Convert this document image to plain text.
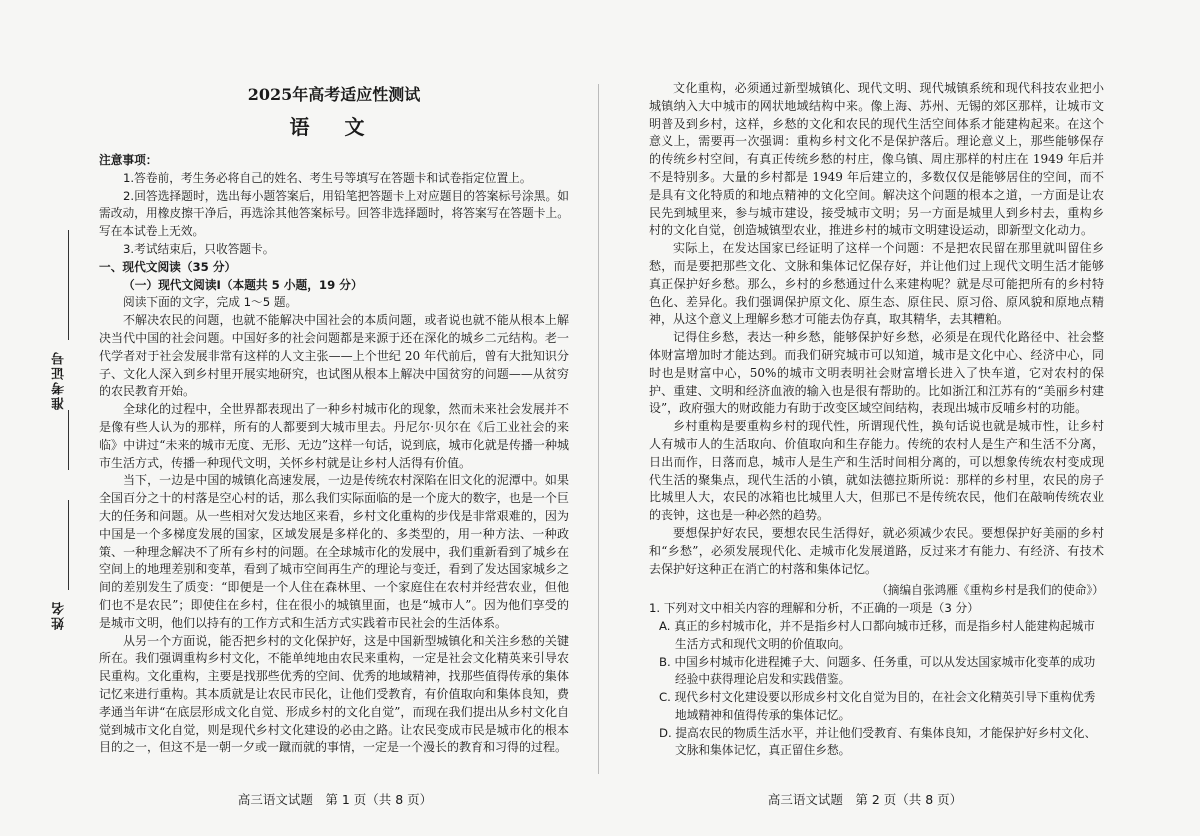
准考证号
姓名
2025年高考适应性测试
语 文
注意事项：

1.答卷前，考生务必将自己的姓名、考生号等填写在答题卡和试卷指定位置上。

2.回答选择题时，选出每小题答案后，用铅笔把答题卡上对应题目的答案标号涂黑。如需改动，用橡皮擦干净后，再选涂其他答案标号。回答非选择题时，将答案写在答题卡上。写在本试卷上无效。

3.考试结束后，只收答题卡。

一、现代文阅读（35 分）
（一）现代文阅读Ⅰ（本题共 5 小题，19 分）

阅读下面的文字，完成 1～5 题。

不解决农民的问题，也就不能解决中国社会的本质问题，或者说也就不能从根本上解决当代中国的社会问题。中国好多的社会问题都是来源于还在深化的城乡二元结构。老一代学者对于社会发展非常有这样的人文主张——上个世纪 20 年代前后，曾有大批知识分子、文化人深入到乡村里开展实地研究，也试图从根本上解决中国贫穷的问题——从贫穷的农民教育开始。

全球化的过程中，全世界都表现出了一种乡村城市化的现象，然而未来社会发展并不是像有些人认为的那样，所有的人都要到大城市里去。丹尼尔·贝尔在《后工业社会的来临》中讲过“未来的城市无度、无形、无边”这样一句话，说到底，城市化就是传播一种城市生活方式，传播一种现代文明，关怀乡村就是让乡村人活得有价值。

当下，一边是中国的城镇化高速发展，一边是传统农村深陷在旧文化的泥潭中。如果全国百分之十的村落是空心村的话，那么我们实际面临的是一个庞大的数字，也是一个巨大的任务和问题。从一些相对欠发达地区来看，乡村文化重构的步伐是非常艰难的，因为中国是一个多梯度发展的国家，区域发展是多样化的、多类型的，用一种方法、一种政策、一种理念解决不了所有乡村的问题。在全球城市化的发展中，我们重新看到了城乡在空间上的地理差别和变革，看到了城市空间再生产的理论与变迁，看到了发达国家城乡之间的差别发生了质变：“即便是一个人住在森林里、一个家庭住在农村并经营农业，但他们也不是农民”；即使住在乡村，住在很小的城镇里面，也是“城市人”。因为他们享受的是城市文明，他们以持有的工作方式和生活方式实践着市民社会的生活体系。

从另一个方面说，能否把乡村的文化保护好，这是中国新型城镇化和关注乡愁的关键所在。我们强调重构乡村文化，不能单纯地由农民来重构，一定是社会文化精英来引导农民重构。文化重构，主要是找那些优秀的空间、优秀的地域精神，找那些值得传承的集体记忆来进行重构。其本质就是让农民市民化，让他们受教育，有价值取向和集体良知，费孝通当年讲“在底层形成文化自觉、形成乡村的文化自觉”，而现在我们提出从乡村文化自觉到城市文化自觉，则是现代乡村文化建设的必由之路。让农民变成市民是城市化的根本目的之一，但这不是一朝一夕或一蹴而就的事情，一定是一个漫长的教育和习得的过程。

文化重构，必须通过新型城镇化、现代文明、现代城镇系统和现代科技农业把小城镇纳入大中城市的网状地域结构中来。像上海、苏州、无锡的郊区那样，让城市文明普及到乡村，这样，乡愁的文化和农民的现代生活空间体系才能建构起来。在这个意义上，需要再一次强调：重构乡村文化不是保护落后。理论意义上，那些能够保存的传统乡村空间，有真正传统乡愁的村庄，像乌镇、周庄那样的村庄在 1949 年后并不是特别多。大量的乡村都是 1949 年后建立的，多数仅仅是能够居住的空间，而不是具有文化特质的和地点精神的文化空间。解决这个问题的根本之道，一方面是让农民先到城里来，参与城市建设，接受城市文明；另一方面是城里人到乡村去，重构乡村的文化自觉，创造城镇型农业，推进乡村的城市文明建设运动，即新型文化动力。

实际上，在发达国家已经证明了这样一个问题：不是把农民留在那里就叫留住乡愁，而是要把那些文化、文脉和集体记忆保存好，并让他们过上现代文明生活才能够真正保护好乡愁。那么，乡村的乡愁通过什么来建构呢？就是尽可能把所有的乡村特色化、差异化。我们强调保护原文化、原生态、原住民、原习俗、原风貌和原地点精神，从这个意义上理解乡愁才可能去伪存真，取其精华，去其糟粕。

记得住乡愁，表达一种乡愁，能够保护好乡愁，必须是在现代化路径中、社会整体财富增加时才能达到。而我们研究城市可以知道，城市是文化中心、经济中心，同时也是财富中心，50%的城市文明表明社会财富增长进入了快车道，它对农村的保护、重建、文明和经济血液的输入也是很有帮助的。比如浙江和江苏有的“美丽乡村建设”，政府强大的财政能力有助于改变区域空间结构，表现出城市反哺乡村的功能。

乡村重构是要重构乡村的现代性，所谓现代性，换句话说也就是城市性，让乡村人有城市人的生活取向、价值取向和生存能力。传统的农村人是生产和生活不分离，日出而作，日落而息，城市人是生产和生活时间相分离的，可以想象传统农村变成现代生活的聚集点，现代生活的小镇，就如法德拉斯所说：那样的乡村里，农民的房子比城里人大，农民的冰箱也比城里人大，但那已不是传统农民，他们在敲响传统农业的丧钟，这也是一种必然的趋势。

要想保护好农民，要想农民生活得好，就必须减少农民。要想保护好美丽的乡村和“乡愁”，必须发展现代化、走城市化发展道路，反过来才有能力、有经济、有技术去保护好这种正在消亡的村落和集体记忆。

（摘编自张鸿雁《重构乡村是我们的使命》）
1. 下列对文中相关内容的理解和分析，不正确的一项是（3 分）
A. 真正的乡村城市化，并不是指乡村人口都向城市迁移，而是指乡村人能建构起城市生活方式和现代文明的价值取向。
B. 中国乡村城市化进程摊子大、问题多、任务重，可以从发达国家城市化变革的成功经验中获得理论启发和实践借鉴。
C. 现代乡村文化建设要以形成乡村文化自觉为目的，在社会文化精英引导下重构优秀地域精神和值得传承的集体记忆。
D. 提高农民的物质生活水平，并让他们受教育、有集体良知，才能保护好乡村文化、文脉和集体记忆，真正留住乡愁。
高三语文试题　第 1 页（共 8 页）	高三语文试题　第 2 页（共 8 页）
